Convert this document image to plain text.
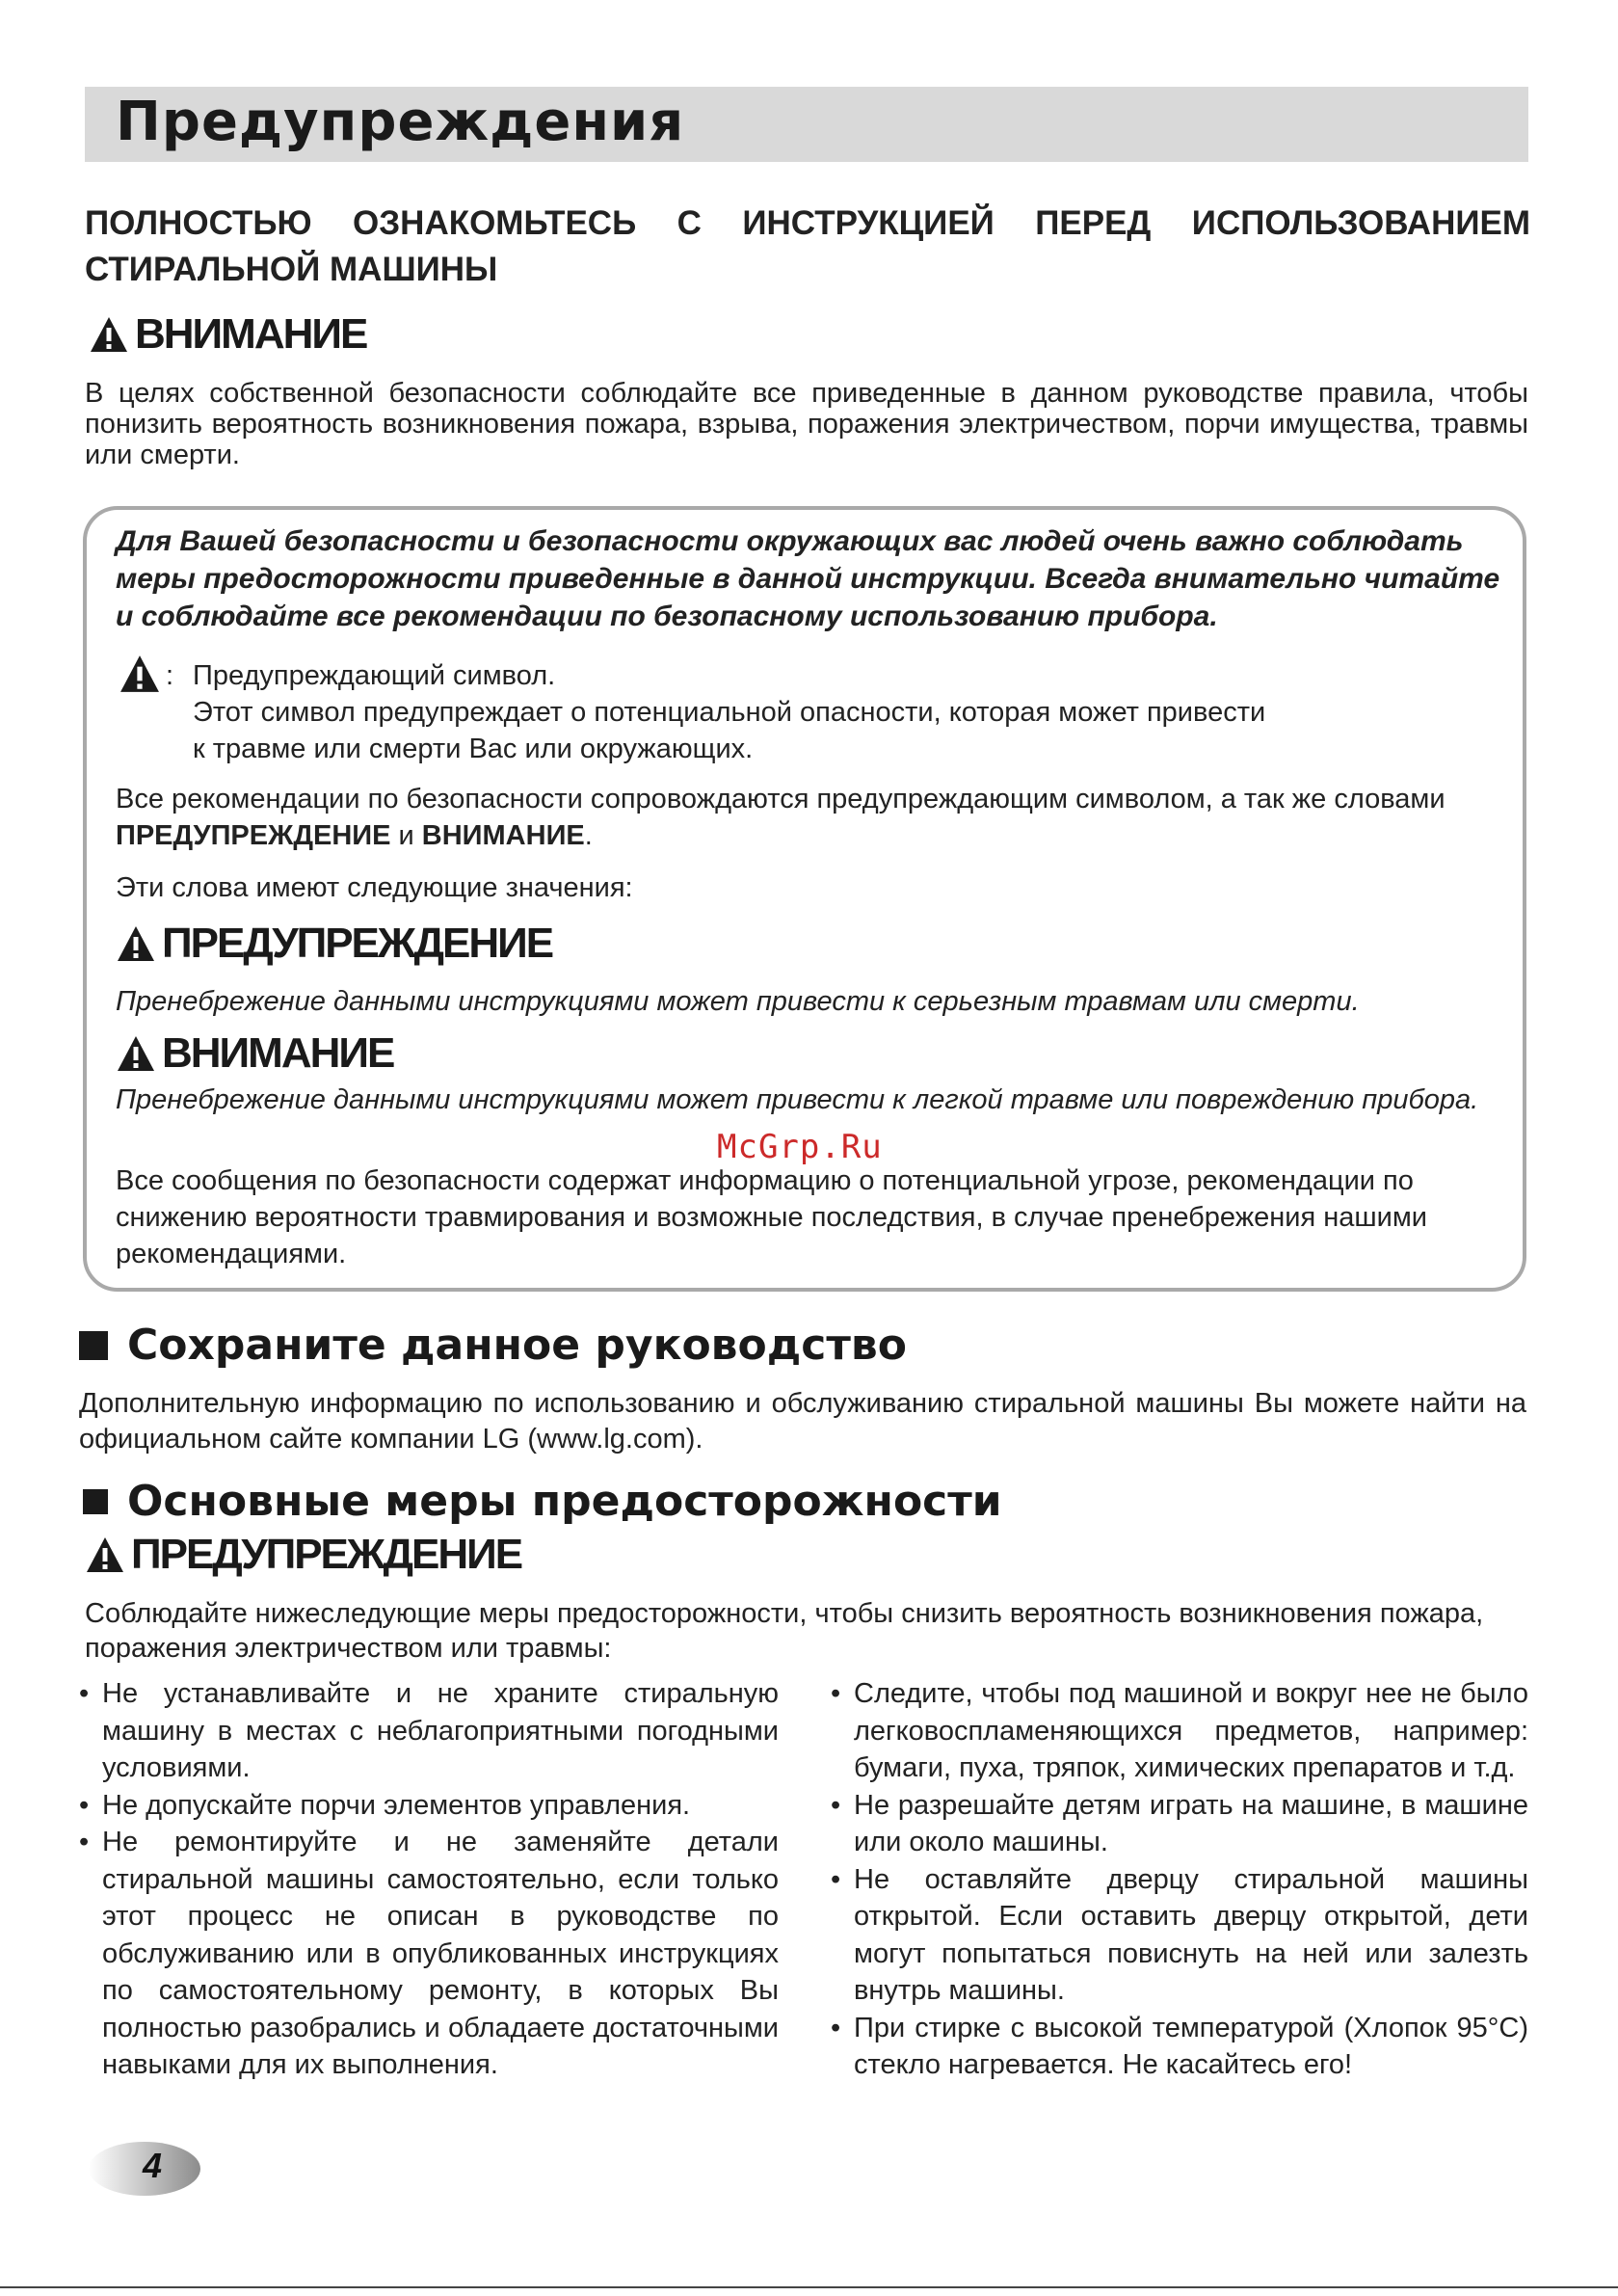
Предупреждения
ПОЛНОСТЬЮ ОЗНАКОМЬТЕСЬ С ИНСТРУКЦИЕЙ ПЕРЕД ИСПОЛЬЗОВАНИЕМ СТИРАЛЬНОЙ МАШИНЫ
ВНИМАНИЕ
В целях собственной безопасности соблюдайте все приведенные в данном руководстве правила, чтобы понизить вероятность возникновения пожара, взрыва, поражения электричеством, порчи имущества, травмы или смерти.
Для Вашей безопасности и безопасности окружающих вас людей очень важно соблюдать меры предосторожности приведенные в данной инструкции. Всегда внимательно читайте и соблюдайте все рекомендации по безопасному использованию прибора.
: Предупреждающий символ.
Этот символ предупреждает о потенциальной опасности, которая может привести
к травме или смерти Вас или окружающих.
Все рекомендации по безопасности сопровождаются предупреждающим символом, а так же словами ПРЕДУПРЕЖДЕНИЕ и ВНИМАНИЕ.
Эти слова имеют следующие значения:
ПРЕДУПРЕЖДЕНИЕ
Пренебрежение данными инструкциями может привести к серьезным травмам или смерти.
ВНИМАНИЕ
Пренебрежение данными инструкциями может привести к легкой травме или повреждению прибора.
Все сообщения по безопасности содержат информацию о потенциальной угрозе, рекомендации по снижению вероятности травмирования и возможные последствия, в случае пренебрежения нашими рекомендациями.
McGrp.Ru
Сохраните данное руководство
Дополнительную информацию по использованию и обслуживанию стиральной машины Вы можете найти на официальном сайте компании LG (www.lg.com).
Основные меры предосторожности
ПРЕДУПРЕЖДЕНИЕ
Соблюдайте нижеследующие меры предосторожности, чтобы снизить вероятность возникновения пожара, поражения электричеством или травмы:
• Не устанавливайте и не храните стиральную машину в местах с неблагоприятными погодными условиями.
• Не допускайте порчи элементов управления.
• Не ремонтируйте и не заменяйте детали стиральной машины самостоятельно, если только этот процесс не описан в руководстве по обслуживанию или в опубликованных инструкциях по самостоятельному ремонту, в которых Вы полностью разобрались и обладаете достаточными навыками для их выполнения.
• Следите, чтобы под машиной и вокруг нее не было легковоспламеняющихся предметов, например: бумаги, пуха, тряпок, химических препаратов и т.д.
• Не разрешайте детям играть на машине, в машине или около машины.
• Не оставляйте дверцу стиральной машины открытой. Если оставить дверцу открытой, дети могут попытаться повиснуть на ней или залезть внутрь машины.
• При стирке с высокой температурой (Хлопок 95°C) стекло нагревается. Не касайтесь его!
4
